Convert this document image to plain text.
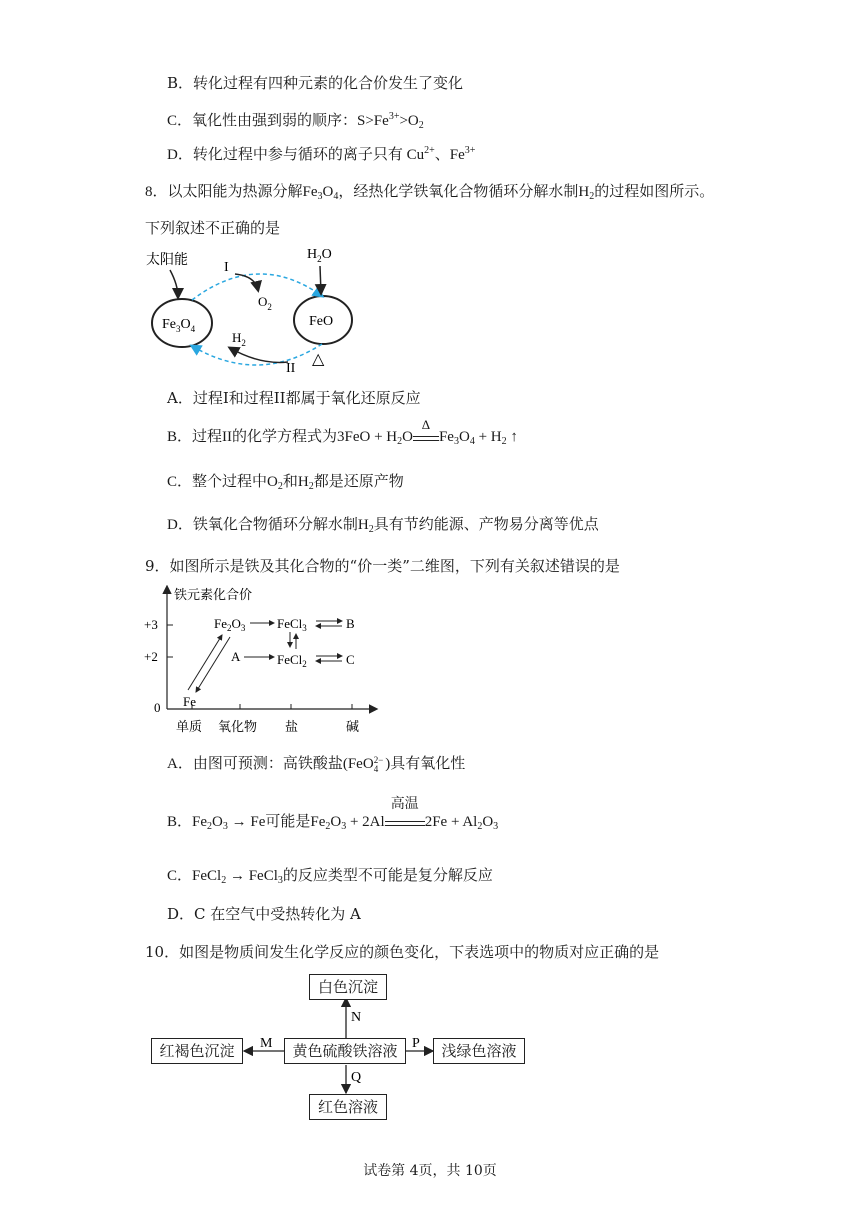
B．转化过程有四种元素的化合价发生了变化
C．氧化性由强到弱的顺序：$S>Fe^{3+}>O_2$
D．转化过程中参与循环的离子只有 $Cu^{2+}$、$Fe^{3+}$
8．以太阳能为热源分解$Fe_3O_4$，经热化学铁氧化合物循环分解水制$H_2$的过程如图所示。
下列叙述不正确的是
太阳能	$H_2O$
$Fe_3O_4$	FeO
I
$O_2$
$H_2$
II
△
A．过程I和过程II都属于氧化还原反应
B．过程II的化学方程式为$3FeO + H_2O$
Δ
$Fe_3O_4 + H_2$ ↑
C．整个过程中$O_2$和$H_2$都是还原产物
D．铁氧化合物循环分解水制$H_2$具有节约能源、产物易分离等优点
9．如图所示是铁及其化合物的“价一类”二维图，下列有关叙述错误的是
+3
+2
0
单质 氧化物 盐	碱
铁元素化合价
Fe
$Fe_2O_3$ FeCl$_3$
FeCl$_2$
A
B
C
A．由图可预测：高铁酸盐(FeO 2−
4 )具有氧化性
B．$Fe_2O_3 \to Fe$可能是$Fe_2O_3 + 2Al$
高温
$2Fe + Al_2O_3$
C．FeCl$_2$ → FeCl$_3$的反应类型不可能是复分解反应
D．C 在空气中受热转化为 A
10．如图是物质间发生化学反应的颜色变化，下表选项中的物质对应正确的是
N
Q
M	P
白色沉淀
黄色硫酸铁溶液
红褐色沉淀	浅绿色溶液
红色溶液
试卷第 4页，共 10页
